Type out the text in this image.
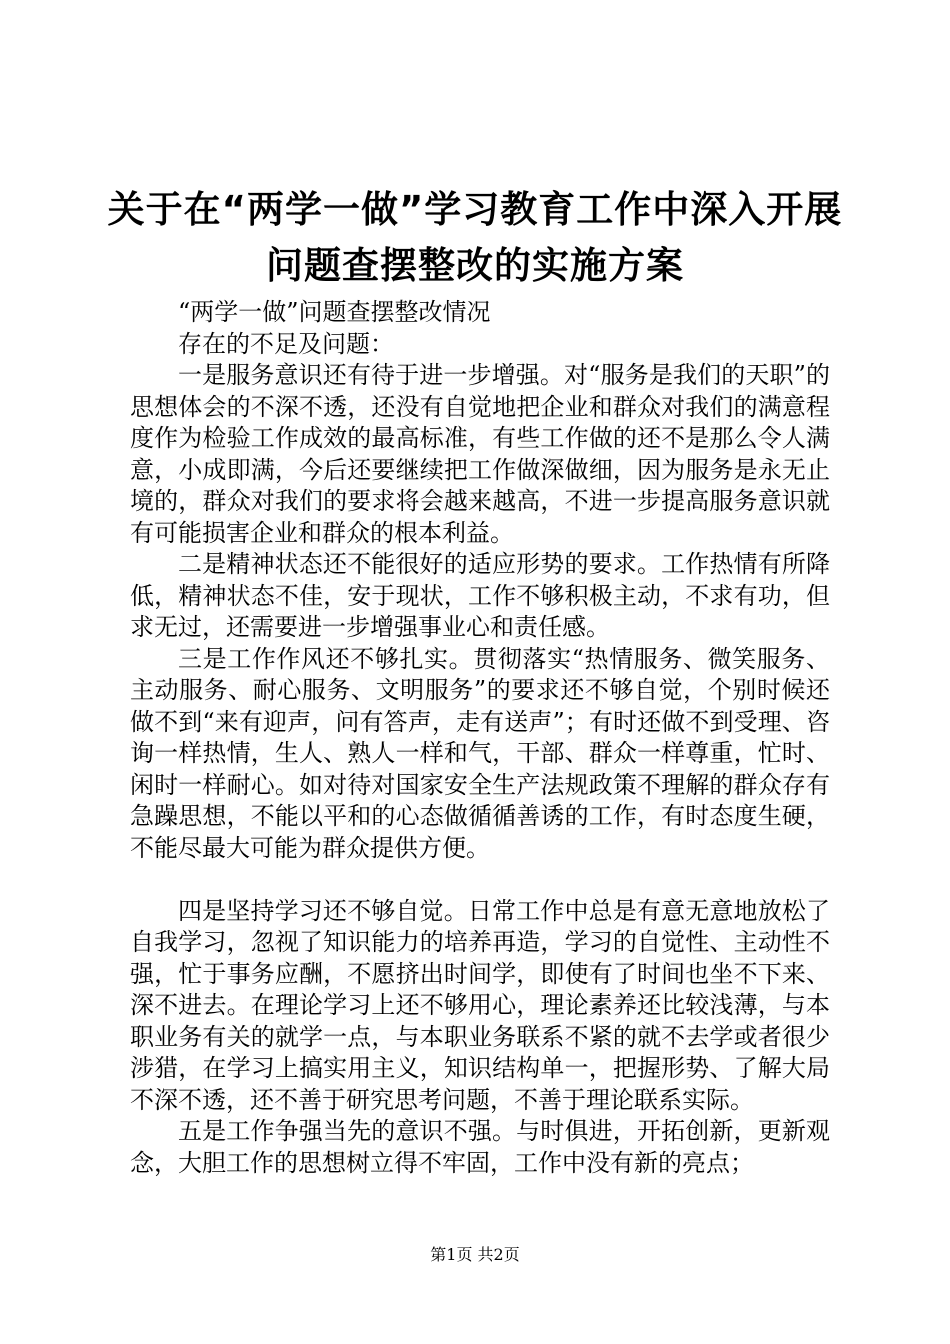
关于在“两学一做”学习教育工作中深入开展
问题查摆整改的实施方案

“两学一做”问题查摆整改情况

存在的不足及问题：

一是服务意识还有待于进一步增强。对“服务是我们的天职”的思想体会的不深不透，还没有自觉地把企业和群众对我们的满意程度作为检验工作成效的最高标准，有些工作做的还不是那么令人满意，小成即满，今后还要继续把工作做深做细，因为服务是永无止境的，群众对我们的要求将会越来越高，不进一步提高服务意识就有可能损害企业和群众的根本利益。

二是精神状态还不能很好的适应形势的要求。工作热情有所降低，精神状态不佳，安于现状，工作不够积极主动，不求有功，但求无过，还需要进一步增强事业心和责任感。

三是工作作风还不够扎实。贯彻落实“热情服务、微笑服务、主动服务、耐心服务、文明服务”的要求还不够自觉，个别时候还做不到“来有迎声，问有答声，走有送声”；有时还做不到受理、咨询一样热情，生人、熟人一样和气，干部、群众一样尊重，忙时、闲时一样耐心。如对待对国家安全生产法规政策不理解的群众存有急躁思想，不能以平和的心态做循循善诱的工作，有时态度生硬，不能尽最大可能为群众提供方便。

四是坚持学习还不够自觉。日常工作中总是有意无意地放松了自我学习，忽视了知识能力的培养再造，学习的自觉性、主动性不强，忙于事务应酬，不愿挤出时间学，即使有了时间也坐不下来、深不进去。在理论学习上还不够用心，理论素养还比较浅薄，与本职业务有关的就学一点，与本职业务联系不紧的就不去学或者很少涉猎，在学习上搞实用主义，知识结构单一，把握形势、了解大局不深不透，还不善于研究思考问题，不善于理论联系实际。

五是工作争强当先的意识不强。与时俱进，开拓创新，更新观念，大胆工作的思想树立得不牢固，工作中没有新的亮点；

第1页 共2页
